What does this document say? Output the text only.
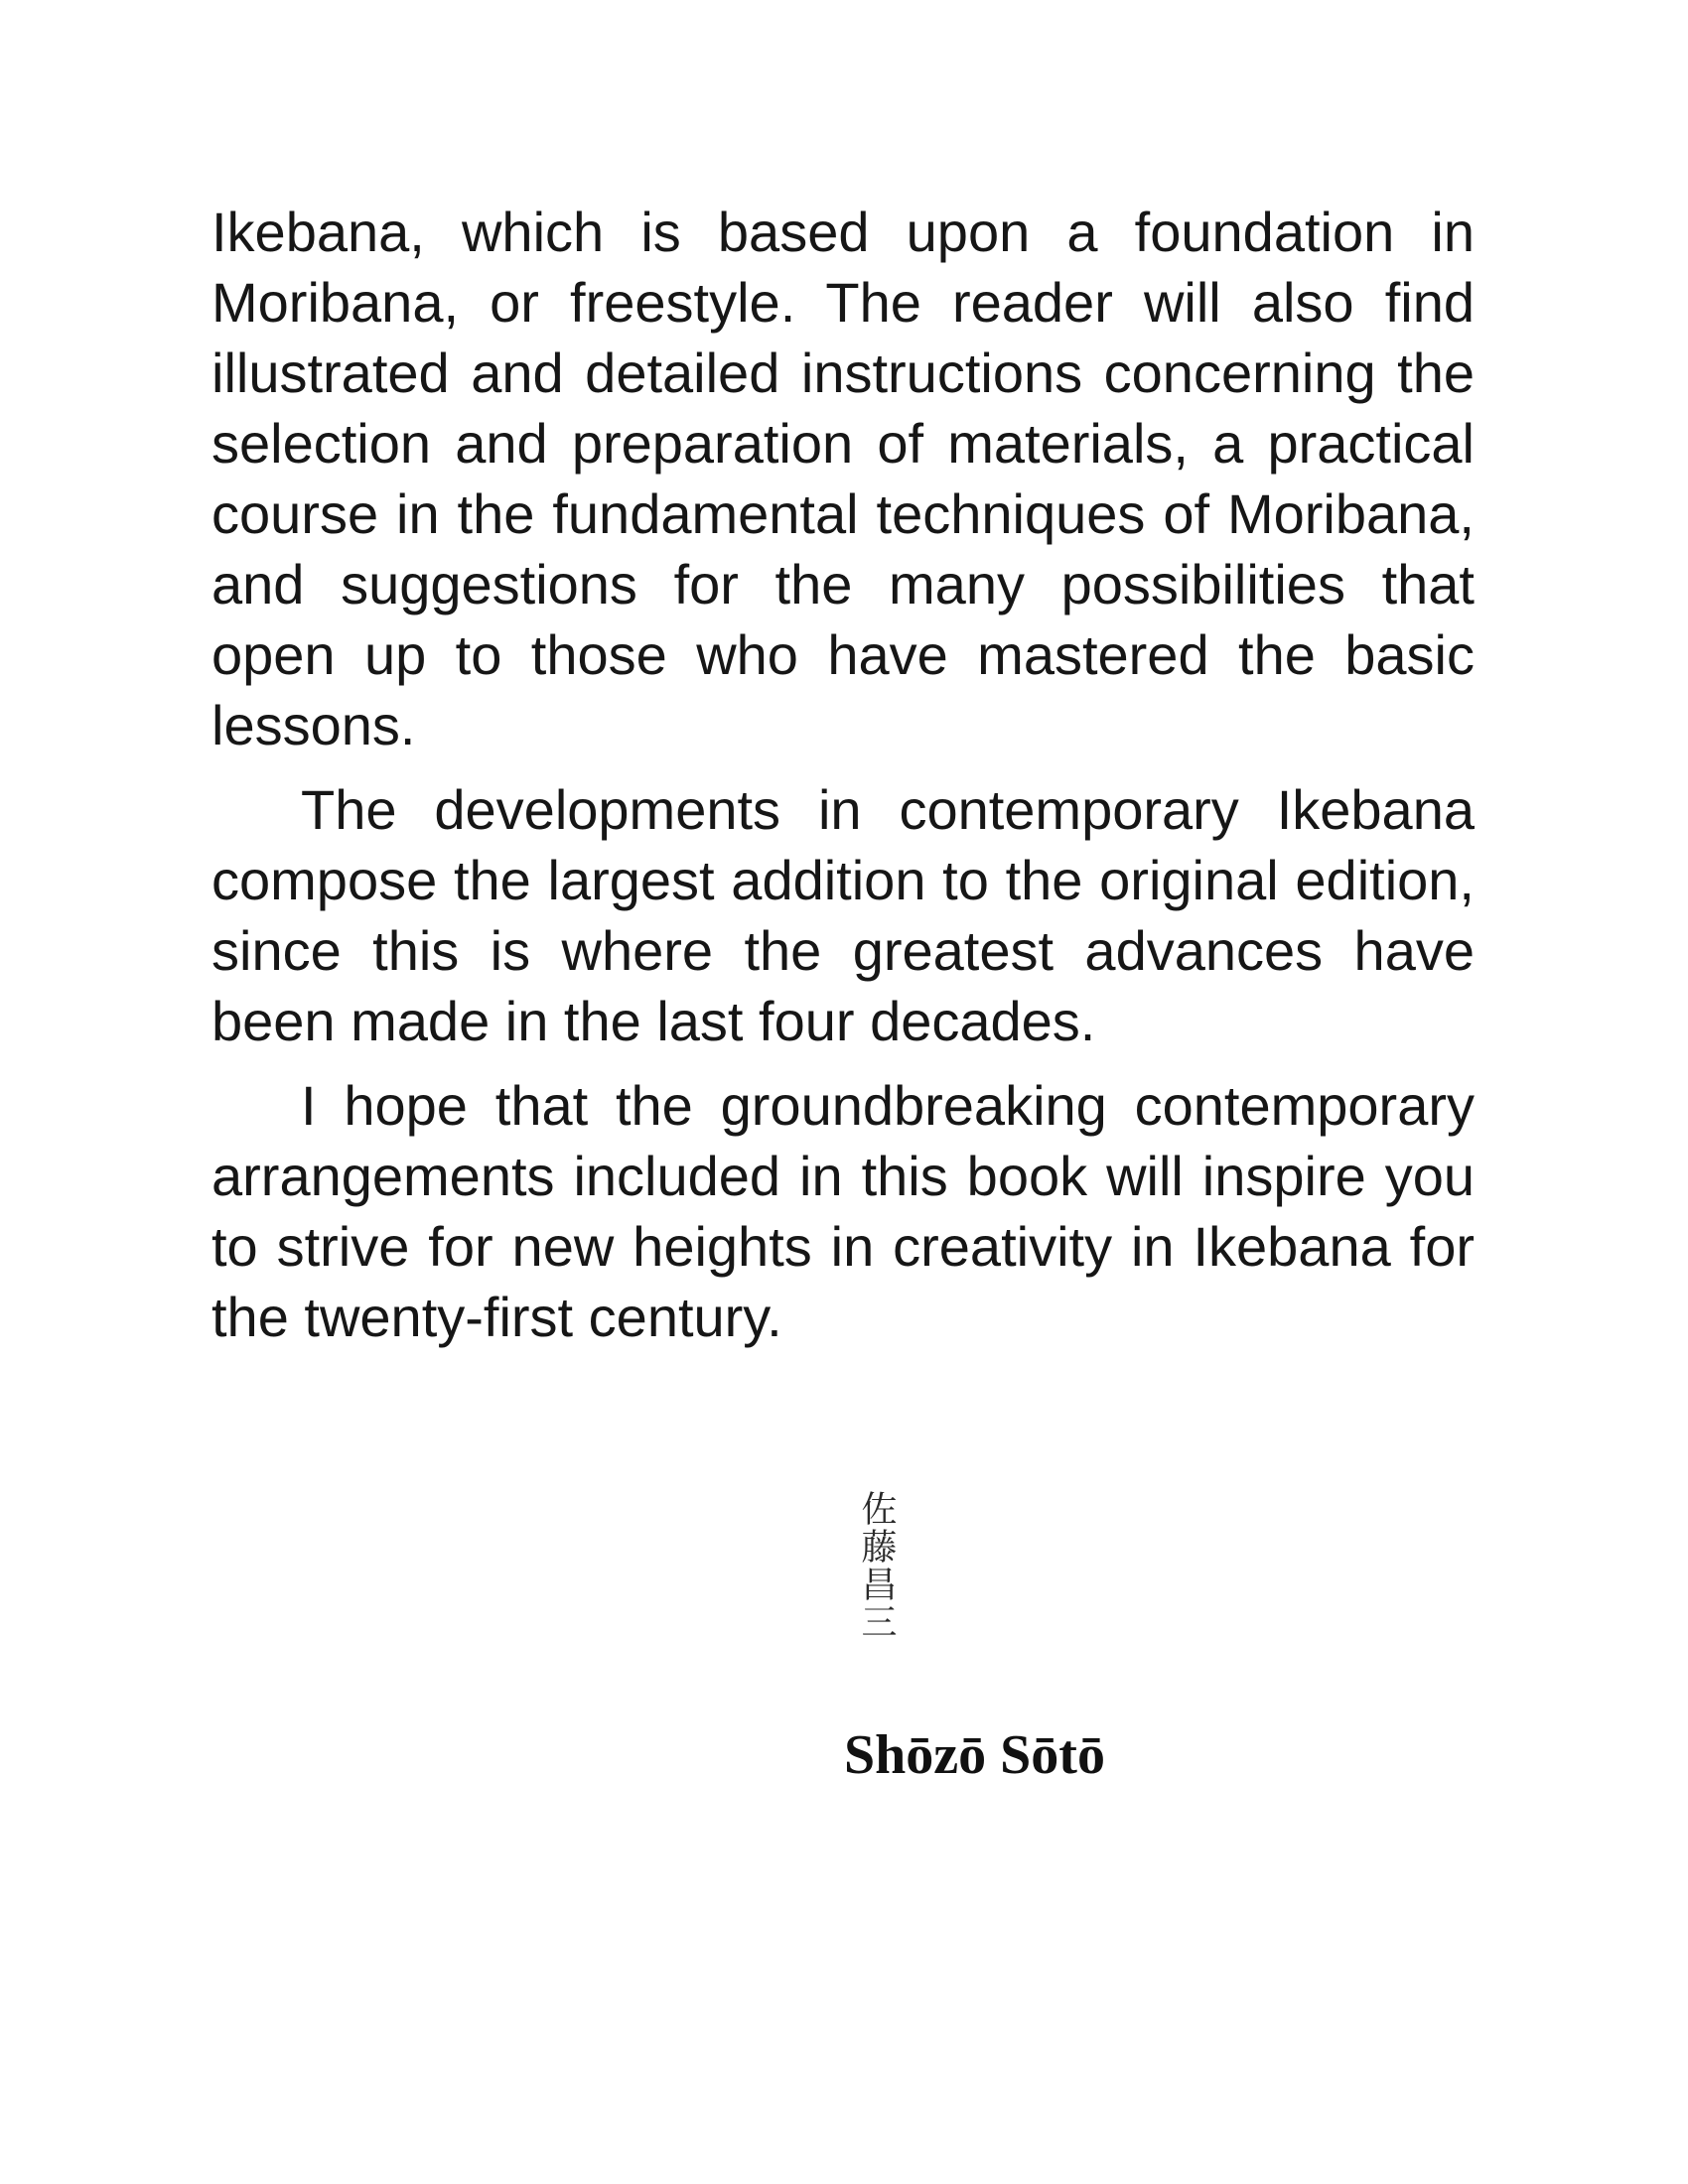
Ikebana, which is based upon a foundation in Moribana, or freestyle. The reader will also find illustrated and detailed instructions concerning the selection and preparation of materials, a practical course in the fundamental techniques of Moribana, and suggestions for the many possibilities that open up to those who have mastered the basic lessons.

The developments in contemporary Ikebana compose the largest addition to the original edition, since this is where the greatest advances have been made in the last four decades.

I hope that the groundbreaking contemporary arrangements included in this book will inspire you to strive for new heights in creativity in Ikebana for the twenty-first century.

佐藤昌三
Shōzō Sōtō
